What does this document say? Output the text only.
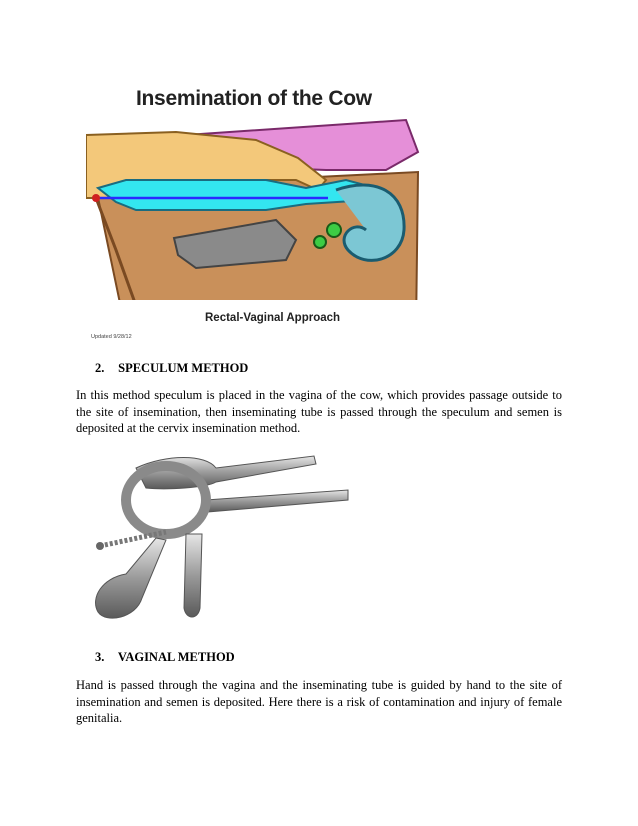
Insemination of the Cow
Rectal-Vaginal Approach
Updated 9/28/12
2. SPECULUM METHOD

In this method speculum is placed in the vagina of the cow, which provides passage outside to the site of insemination, then inseminating tube is passed through the speculum and semen is deposited at the cervix insemination method.

3. VAGINAL METHOD

Hand is passed through the vagina and the inseminating tube is guided by hand to the site of insemination and semen is deposited. Here there is a risk of contamination and injury of female genitalia.
